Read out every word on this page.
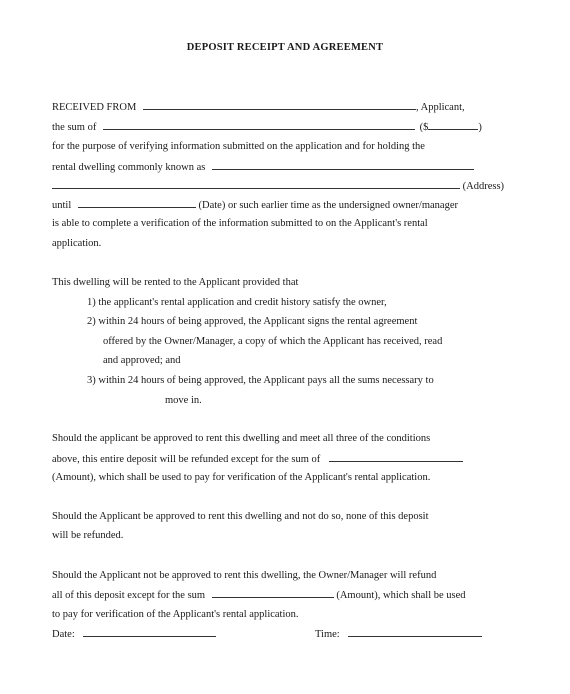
DEPOSIT RECEIPT AND AGREEMENT
RECEIVED FROM	, Applicant,
the sum of	($	)
for the purpose of verifying information submitted on the application and for holding the
rental dwelling commonly known as
(Address)
until	(Date) or such earlier time as the undersigned owner/manager
is able to complete a verification of the information submitted to on the Applicant's rental
application.
This dwelling will be rented to the Applicant provided that
1) the applicant's rental application and credit history satisfy the owner,
2) within 24 hours of being approved, the Applicant signs the rental agreement
offered by the Owner/Manager, a copy of which the Applicant has received, read
and approved; and
3) within 24 hours of being approved, the Applicant pays all the sums necessary to
move in.
Should the applicant be approved to rent this dwelling and meet all three of the conditions
above, this entire deposit will be refunded except for the sum of
(Amount), which shall be used to pay for verification of the Applicant's rental application.
Should the Applicant be approved to rent this dwelling and not do so, none of this deposit
will be refunded.
Should the Applicant not be approved to rent this dwelling, the Owner/Manager will refund
all of this deposit except for the sum	(Amount), which shall be used
to pay for verification of the Applicant's rental application.
Date:	Time:
